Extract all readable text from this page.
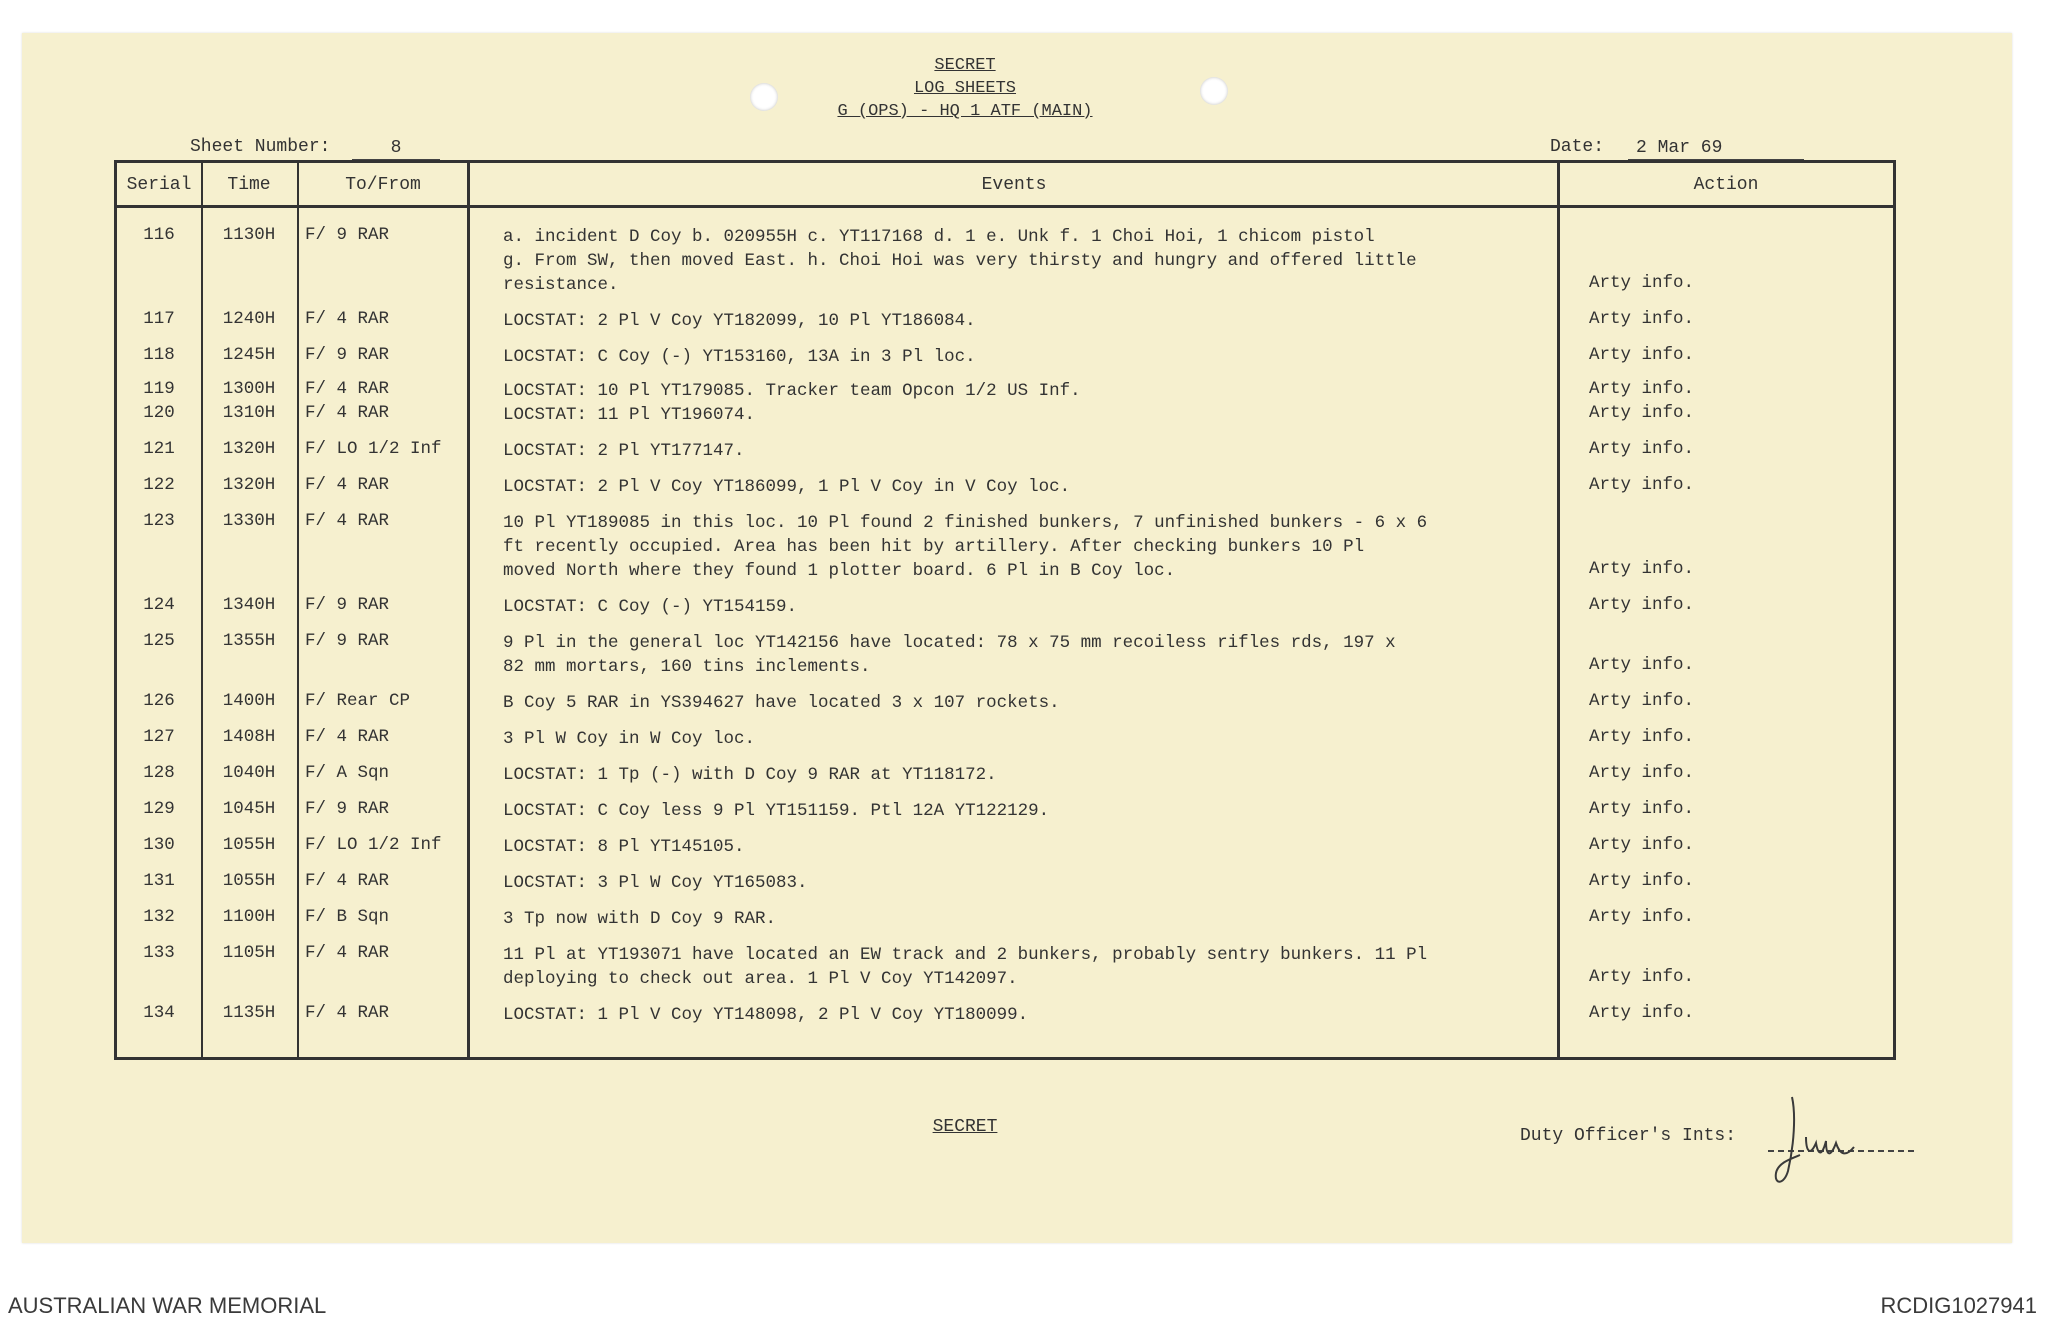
SECRET
LOG SHEETS
G (OPS) - HQ 1 ATF (MAIN)
Sheet Number:	8	Date:	2 Mar 69
Serial	Time	To/From	Events	Action
116	1130H	F/ 9 RAR	a. incident D Coy b. 020955H c. YT117168 d. 1 e. Unk f. 1 Choi Hoi, 1 chicom pistol
g. From SW, then moved East. h. Choi Hoi was very thirsty and hungry and offered little
resistance.	Arty info.
117	1240H	F/ 4 RAR	LOCSTAT: 2 Pl V Coy YT182099, 10 Pl YT186084.	Arty info.
118	1245H	F/ 9 RAR	LOCSTAT: C Coy (-) YT153160, 13A in 3 Pl loc.	Arty info.
119	1300H	F/ 4 RAR	LOCSTAT: 10 Pl YT179085. Tracker team Opcon 1/2 US Inf.	Arty info.
120	1310H	F/ 4 RAR	LOCSTAT: 11 Pl YT196074.	Arty info.
121	1320H	F/ LO 1/2 Inf	LOCSTAT: 2 Pl YT177147.	Arty info.
122	1320H	F/ 4 RAR	LOCSTAT: 2 Pl V Coy YT186099, 1 Pl V Coy in V Coy loc.	Arty info.
123	1330H	F/ 4 RAR	10 Pl YT189085 in this loc. 10 Pl found 2 finished bunkers, 7 unfinished bunkers - 6 x 6
ft recently occupied. Area has been hit by artillery. After checking bunkers 10 Pl
moved North where they found 1 plotter board. 6 Pl in B Coy loc.	Arty info.
124	1340H	F/ 9 RAR	LOCSTAT: C Coy (-) YT154159.	Arty info.
125	1355H	F/ 9 RAR	9 Pl in the general loc YT142156 have located: 78 x 75 mm recoiless rifles rds, 197 x
82 mm mortars, 160 tins inclements.	Arty info.
126	1400H	F/ Rear CP	B Coy 5 RAR in YS394627 have located 3 x 107 rockets.	Arty info.
127	1408H	F/ 4 RAR	3 Pl W Coy in W Coy loc.	Arty info.
128	1040H	F/ A Sqn	LOCSTAT: 1 Tp (-) with D Coy 9 RAR at YT118172.	Arty info.
129	1045H	F/ 9 RAR	LOCSTAT: C Coy less 9 Pl YT151159. Ptl 12A YT122129.	Arty info.
130	1055H	F/ LO 1/2 Inf	LOCSTAT: 8 Pl YT145105.	Arty info.
131	1055H	F/ 4 RAR	LOCSTAT: 3 Pl W Coy YT165083.	Arty info.
132	1100H	F/ B Sqn	3 Tp now with D Coy 9 RAR.	Arty info.
133	1105H	F/ 4 RAR	11 Pl at YT193071 have located an EW track and 2 bunkers, probably sentry bunkers. 11 Pl
deploying to check out area. 1 Pl V Coy YT142097.	Arty info.
134	1135H	F/ 4 RAR	LOCSTAT: 1 Pl V Coy YT148098, 2 Pl V Coy YT180099.	Arty info.
SECRET	Duty Officer's Ints:
AUSTRALIAN WAR MEMORIAL	RCDIG1027941
